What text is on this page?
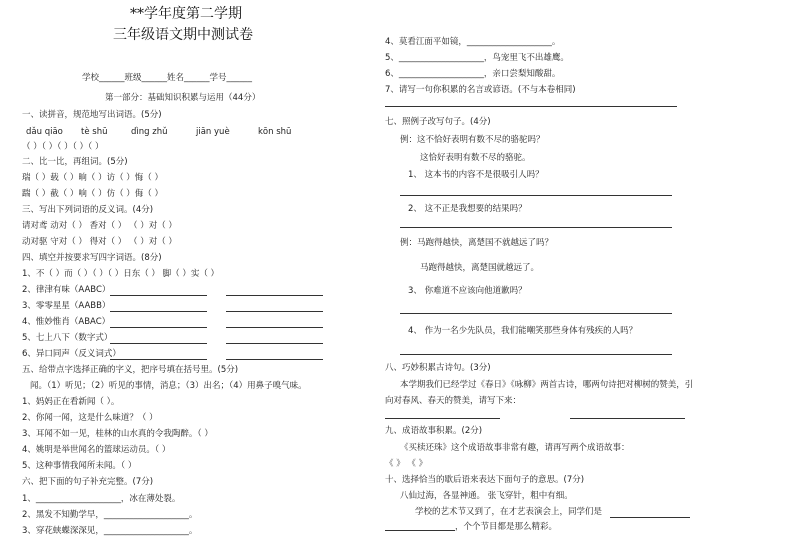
**学年度第二学期
三年级语文期中测试卷
学校______班级______姓名______学号______
第一部分：基础知识积累与运用（44分）
一、读拼音，规范地写出词语。(5分)
dǎu qiāo tè shū	dìng zhǔ	jiān yuè	kōn shū
（ ）（ ）（ ）（ ）（ ）
二、比一比，再组词。(5分)
瑞（ ）载（ ）晌（ ）访（ ）悔（ ）
踹（ ）截（ ）响（ ）仿（ ）侮（ ）
三、写出下列词语的反义词。(4分)
请对鸢 动对（ ） 香对（ ） （ ）对（ ）
动对驱 守对（ ） 得对（ ） （ ）对（ ）
四、填空并按要求写四字词语。(8分)
1、不（ ）而（ ）（ ）（ ）日东（ ） 脚（ ）实（ ）
2、律津有味（AABC）
3、零零星星（AABB）
4、惟妙惟肖（ABAC）
5、七上八下（数字式）
6、异口同声（反义词式）
五、给带点字选择正确的字义，把序号填在括号里。(5分)
闻。（1）听见；（2）听见的事情，消息；（3）出名；（4）用鼻子嗅气味。
1、妈妈正在看新闻（ ）。
2、你闻一闻，这是什么味道？（ ）
3、耳闻不如一见，桂林的山水真的令我陶醉。（ ）
4、姚明是举世闻名的篮球运动员。（ ）
5、这种事情我闻所未闻。（ ）
六、把下面的句子补充完整。(7分)
1、____________________，冰在薄处裂。
2、黑发不知勤学早，____________________。
3、穿花蛱蝶深深见，____________________。
4、莫看江面平如镜，____________________。
5、____________________，鸟宠里飞不出雄鹰。
6、____________________，亲口尝梨知酸甜。
7、请写一句你积累的名言或谚语。(不与本卷相同)
七、照例子改写句子。(4分)
例：这不恰好表明有数不尽的骆驼吗？
这恰好表明有数不尽的骆驼。
1、 这本书的内容不是很吸引人吗？
2、 这不正是我想要的结果吗？
例：马跑得越快，离楚国不就越远了吗？
马跑得越快，离楚国就越远了。
3、 你难道不应该向他道歉吗？
4、 作为一名少先队员，我们能嘲笑那些身体有残疾的人吗？
八、巧妙积累古诗句。(3分)
本学期我们已经学过《春日》《咏柳》两首古诗，哪两句诗把对柳树的赞美，引
向对春风、春天的赞美，请写下来：
九、成语故事积累。(2分)
《买椟还珠》这个成语故事非常有趣，请再写两个成语故事：
《 》 《 》
十、选择恰当的歇后语来表达下面句子的意思。(7分)
八仙过海，各显神通。 张飞穿针，粗中有细。
学校的艺术节又到了，在才艺表演会上，同学们是
，个个节目都是那么精彩。
